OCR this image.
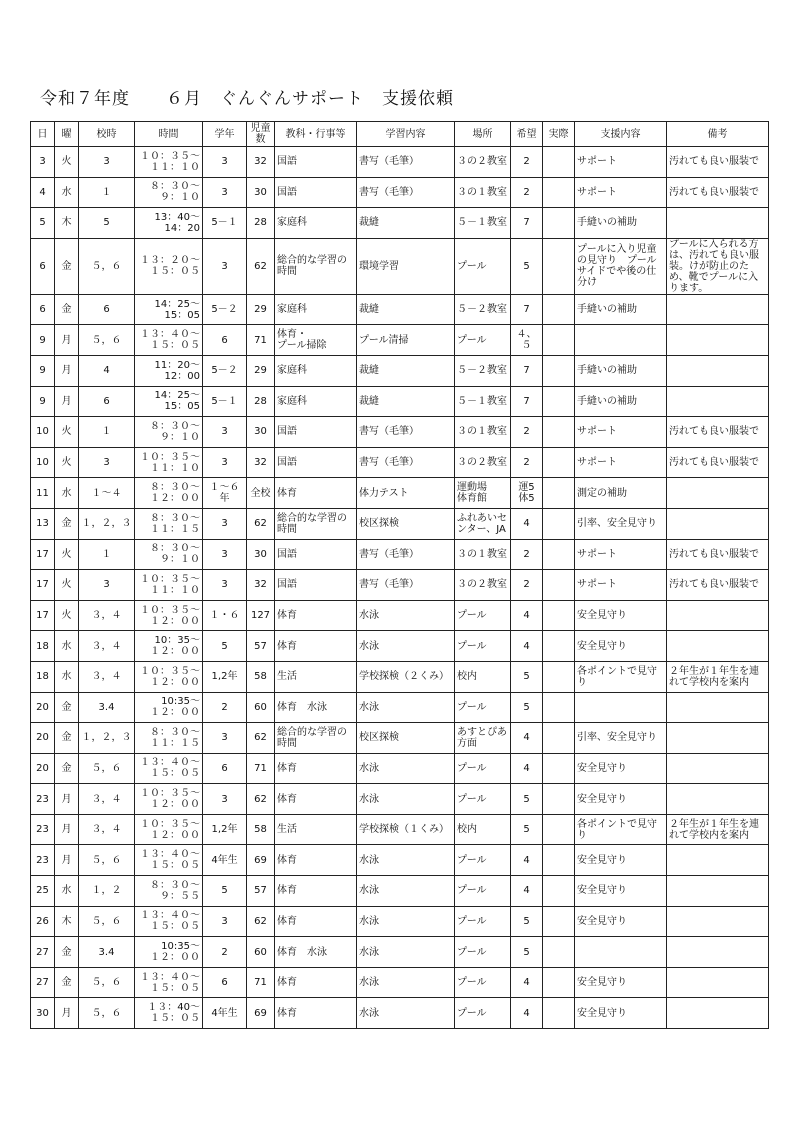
令和７年度　　６月　ぐんぐんサポート　支援依頼
日	曜	校時	時間	学年	児童数	教科・行事等	学習内容	場所	希望	実際	支援内容	備考
3	火	3	１０：３５～
１１：１０	3	32	国語	書写（毛筆）	３の２教室	2		サポート	汚れても良い服装で
4	水	１	８：３０～
９：１０	3	30	国語	書写（毛筆）	３の１教室	2		サポート	汚れても良い服装で
5	木	5	13：40～
14：20	5－１	28	家庭科	裁縫	５－１教室	7		手縫いの補助	
6	金	５，６	１３：２０～
１５：０５	3	62	総合的な学習の時間	環境学習	プール	5		プールに入り児童の見守り　プールサイドでや後の仕分け	プールに入られる方は、汚れても良い服装。けが防止のため、靴でプールに入ります。
6	金	6	14：25～
15：05	5－２	29	家庭科	裁縫	５－２教室	7		手縫いの補助	
9	月	５，６	１３：４０～
１５：０５	6	71	体育・
プール掃除	プール清掃	プール	４、５			
9	月	4	11：20～
12：00	5－２	29	家庭科	裁縫	５－２教室	7		手縫いの補助	
9	月	6	14：25～
15：05	5－１	28	家庭科	裁縫	５－１教室	7		手縫いの補助	
10	火	１	８：３０～
９：１０	3	30	国語	書写（毛筆）	３の１教室	2		サポート	汚れても良い服装で
10	火	3	１０：３５～
１１：１０	3	32	国語	書写（毛筆）	３の２教室	2		サポート	汚れても良い服装で
11	水	１～４	８：３０～
１２：００	１～６年	全校	体育	体力テスト	運動場
体育館	運5
体5		測定の補助	
13	金	１，２，３	８：３０～
１１：１５	3	62	総合的な学習の時間	校区探検	ふれあいセンター、JA	4		引率、安全見守り	
17	火	１	８：３０～
９：１０	3	30	国語	書写（毛筆）	３の１教室	2		サポート	汚れても良い服装で
17	火	3	１０：３５～
１１：１０	3	32	国語	書写（毛筆）	３の２教室	2		サポート	汚れても良い服装で
17	火	３，４	１０：３５～
１２：００	１・６	127	体育	水泳	プール	4		安全見守り	
18	水	３，４	10：35～
１２：００	5	57	体育	水泳	プール	4		安全見守り	
18	水	３，４	１０：３５～
１２：００	1,2年	58	生活	学校探検（２くみ）	校内	5		各ポイントで見守り	２年生が１年生を連れて学校内を案内
20	金	3.4	10:35～
１２：００	2	60	体育　水泳	水泳	プール	5			
20	金	１，２，３	８：３０～
１１：１５	3	62	総合的な学習の時間	校区探検	あすとぴあ方面	4		引率、安全見守り	
20	金	５，６	１３：４０～
１５：０５	6	71	体育	水泳	プール	4		安全見守り	
23	月	３，４	１０：３５～
１２：００	3	62	体育	水泳	プール	5		安全見守り	
23	月	３，４	１０：３５～
１２：００	1,2年	58	生活	学校探検（１くみ）	校内	5		各ポイントで見守り	２年生が１年生を連れて学校内を案内
23	月	５，６	１３：４０～
１５：０５	4年生	69	体育	水泳	プール	4		安全見守り	
25	水	１，２	８：３０～
９：５５	5	57	体育	水泳	プール	4		安全見守り	
26	木	５，６	１３：４０～
１５：０５	3	62	体育	水泳	プール	5		安全見守り	
27	金	3.4	10:35～
１２：００	2	60	体育　水泳	水泳	プール	5			
27	金	５，６	１３：４０～
１５：０５	6	71	体育	水泳	プール	4		安全見守り	
30	月	５，６	１３：40～
１５：０５	4年生	69	体育	水泳	プール	4		安全見守り	
